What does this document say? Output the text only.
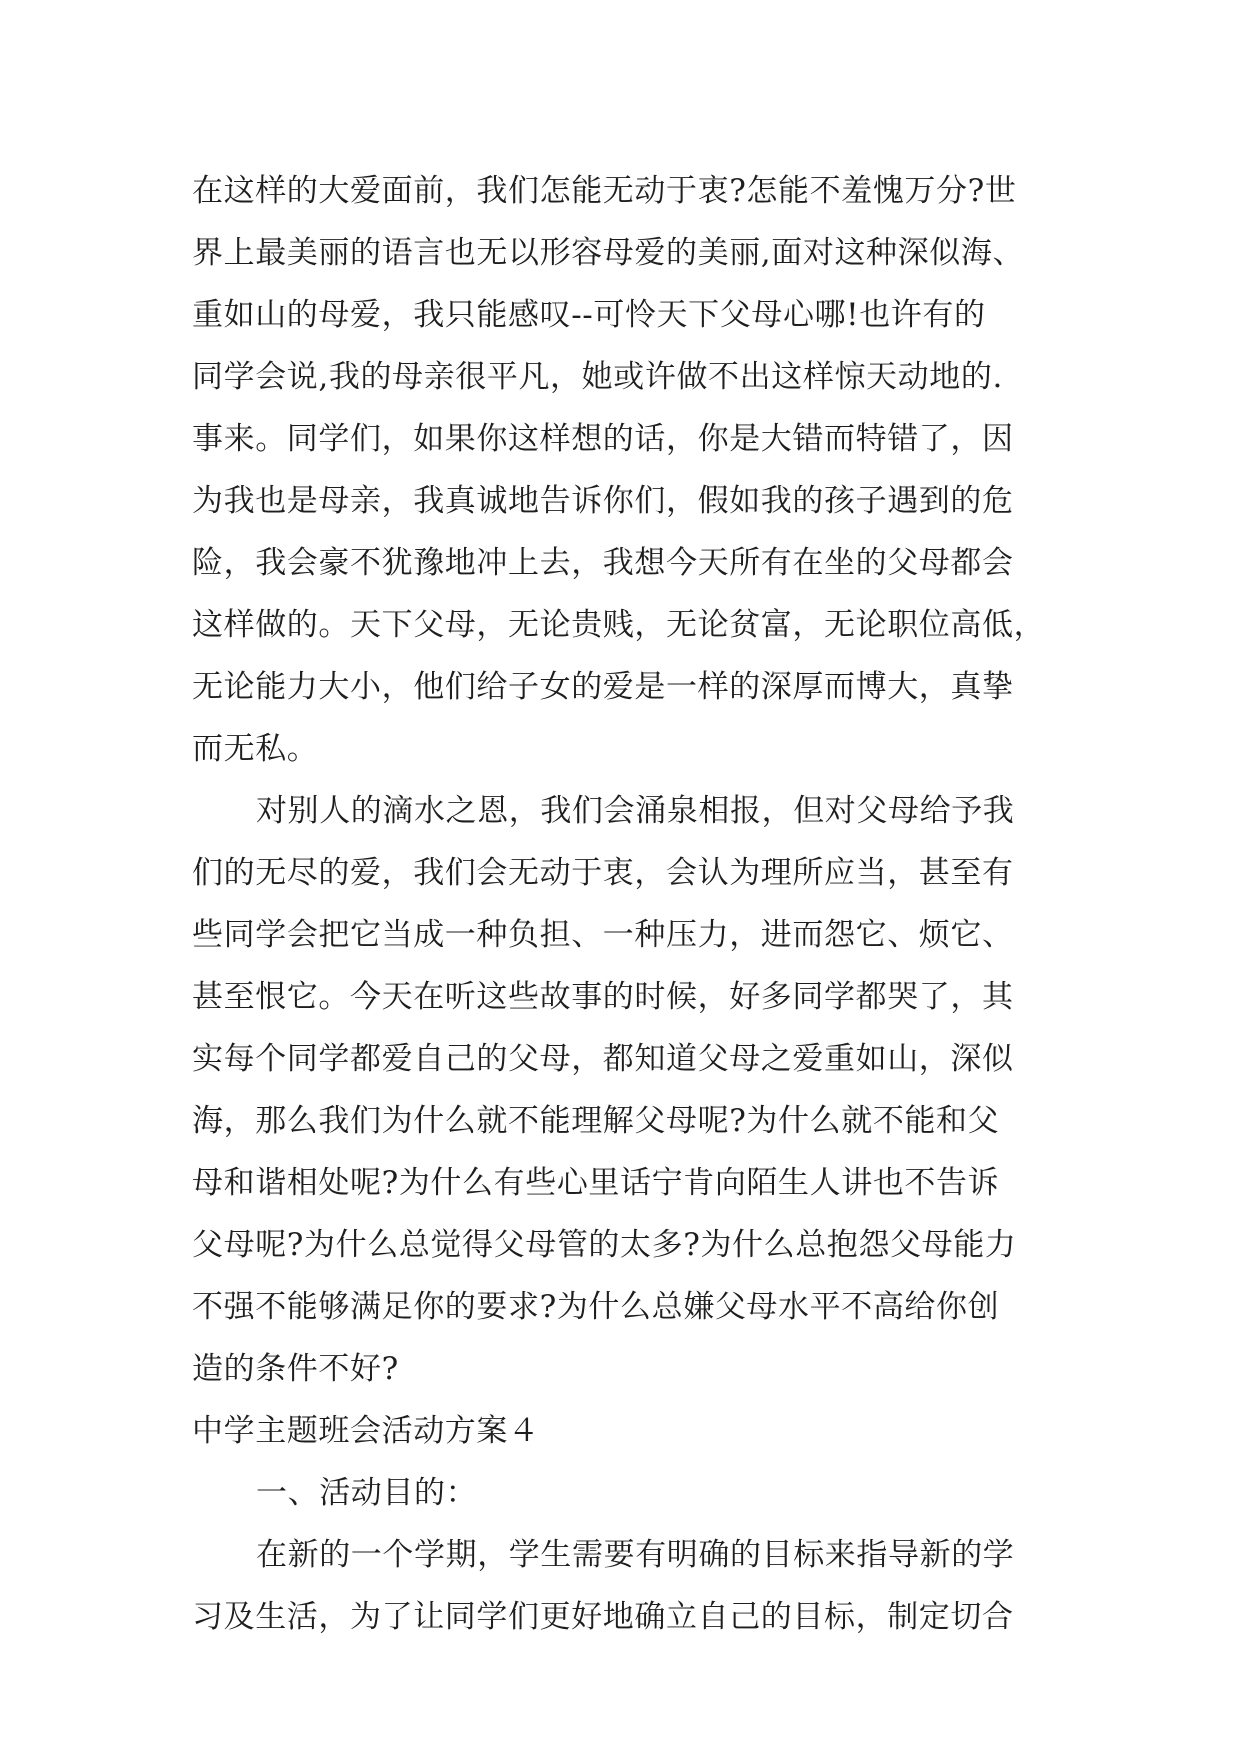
在这样的大爱面前，我们怎能无动于衷?怎能不羞愧万分?世
界上最美丽的语言也无以形容母爱的美丽,面对这种深似海、
重如山的母爱，我只能感叹--可怜天下父母心哪!也许有的
同学会说,我的母亲很平凡，她或许做不出这样惊天动地的.
事来。同学们，如果你这样想的话，你是大错而特错了，因
为我也是母亲，我真诚地告诉你们，假如我的孩子遇到的危
险，我会豪不犹豫地冲上去，我想今天所有在坐的父母都会
这样做的。天下父母，无论贵贱，无论贫富，无论职位高低，
无论能力大小，他们给子女的爱是一样的深厚而博大，真挚
而无私。
对别人的滴水之恩，我们会涌泉相报，但对父母给予我
们的无尽的爱，我们会无动于衷，会认为理所应当，甚至有
些同学会把它当成一种负担、一种压力，进而怨它、烦它、
甚至恨它。今天在听这些故事的时候，好多同学都哭了，其
实每个同学都爱自己的父母，都知道父母之爱重如山，深似
海，那么我们为什么就不能理解父母呢?为什么就不能和父
母和谐相处呢?为什么有些心里话宁肯向陌生人讲也不告诉
父母呢?为什么总觉得父母管的太多?为什么总抱怨父母能力
不强不能够满足你的要求?为什么总嫌父母水平不高给你创
造的条件不好?
中学主题班会活动方案４
一、活动目的：
在新的一个学期，学生需要有明确的目标来指导新的学
习及生活，为了让同学们更好地确立自己的目标，制定切合
